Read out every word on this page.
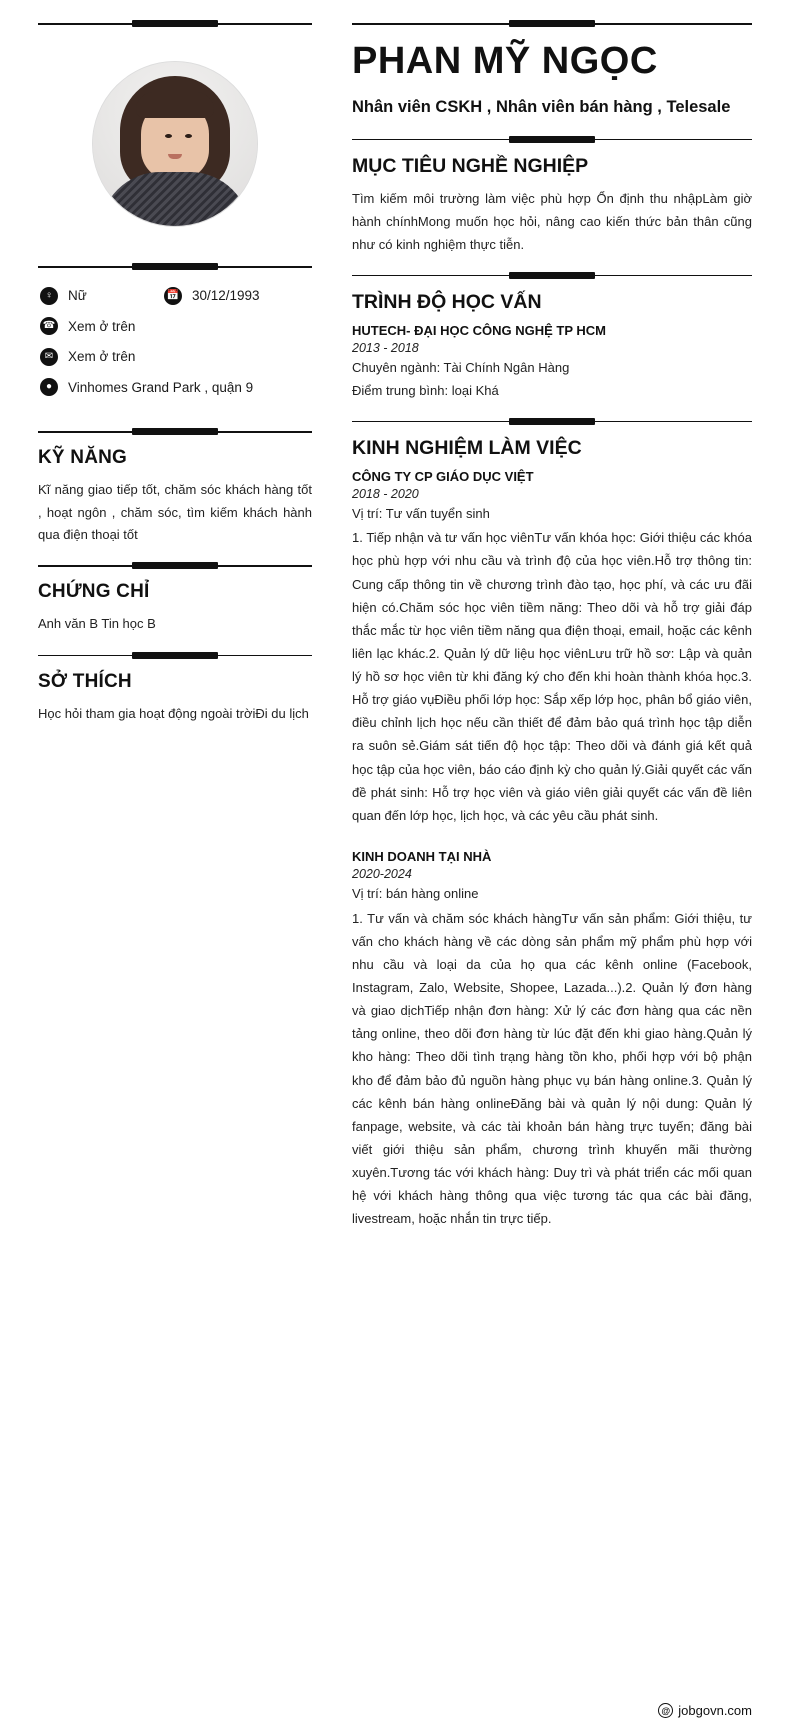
♀	Nữ	📅 30/12/1993
☎ Xem ở trên
✉	Xem ở trên
●	Vinhomes Grand Park , quận 9
KỸ NĂNG
Kĩ năng giao tiếp tốt, chăm sóc khách hàng tốt , hoạt ngôn , chăm sóc, tìm kiếm khách hành qua điện thoại tốt
CHỨNG CHỈ
Anh văn B Tin học B
SỞ THÍCH
Học hỏi tham gia hoạt động ngoài trờiĐi du lịch
PHAN MỸ NGỌC
Nhân viên CSKH , Nhân viên bán hàng , Telesale
MỤC TIÊU NGHỀ NGHIỆP
Tìm kiếm môi trường làm việc phù hợp Ổn định thu nhậpLàm giờ hành chínhMong muốn học hỏi, nâng cao kiến thức bản thân cũng như có kinh nghiệm thực tiễn.
TRÌNH ĐỘ HỌC VẤN
HUTECH- ĐẠI HỌC CÔNG NGHỆ TP HCM
2013 - 2018
Chuyên ngành: Tài Chính Ngân Hàng
Điểm trung bình: loại Khá
KINH NGHIỆM LÀM VIỆC
CÔNG TY CP GIÁO DỤC VIỆT
2018 - 2020
Vị trí: Tư vấn tuyển sinh
1. Tiếp nhận và tư vấn học viênTư vấn khóa học: Giới thiệu các khóa học phù hợp với nhu cầu và trình độ của học viên.Hỗ trợ thông tin: Cung cấp thông tin về chương trình đào tạo, học phí, và các ưu đãi hiện có.Chăm sóc học viên tiềm năng: Theo dõi và hỗ trợ giải đáp thắc mắc từ học viên tiềm năng qua điện thoại, email, hoặc các kênh liên lạc khác.2. Quản lý dữ liệu học viênLưu trữ hồ sơ: Lập và quản lý hồ sơ học viên từ khi đăng ký cho đến khi hoàn thành khóa học.3. Hỗ trợ giáo vụĐiều phối lớp học: Sắp xếp lớp học, phân bổ giáo viên, điều chỉnh lịch học nếu cần thiết để đảm bảo quá trình học tập diễn ra suôn sẻ.Giám sát tiến độ học tập: Theo dõi và đánh giá kết quả học tập của học viên, báo cáo định kỳ cho quản lý.Giải quyết các vấn đề phát sinh: Hỗ trợ học viên và giáo viên giải quyết các vấn đề liên quan đến lớp học, lịch học, và các yêu cầu phát sinh.
KINH DOANH TẠI NHÀ
2020-2024
Vị trí: bán hàng online
1. Tư vấn và chăm sóc khách hàngTư vấn sản phẩm: Giới thiệu, tư vấn cho khách hàng về các dòng sản phẩm mỹ phẩm phù hợp với nhu cầu và loại da của họ qua các kênh online (Facebook, Instagram, Zalo, Website, Shopee, Lazada...).2. Quản lý đơn hàng và giao dịchTiếp nhận đơn hàng: Xử lý các đơn hàng qua các nền tảng online, theo dõi đơn hàng từ lúc đặt đến khi giao hàng.Quản lý kho hàng: Theo dõi tình trạng hàng tồn kho, phối hợp với bộ phận kho để đảm bảo đủ nguồn hàng phục vụ bán hàng online.3. Quản lý các kênh bán hàng onlineĐăng bài và quản lý nội dung: Quản lý fanpage, website, và các tài khoản bán hàng trực tuyến; đăng bài viết giới thiệu sản phẩm, chương trình khuyến mãi thường xuyên.Tương tác với khách hàng: Duy trì và phát triển các mối quan hệ với khách hàng thông qua việc tương tác qua các bài đăng, livestream, hoặc nhắn tin trực tiếp.
@ jobgovn.com
